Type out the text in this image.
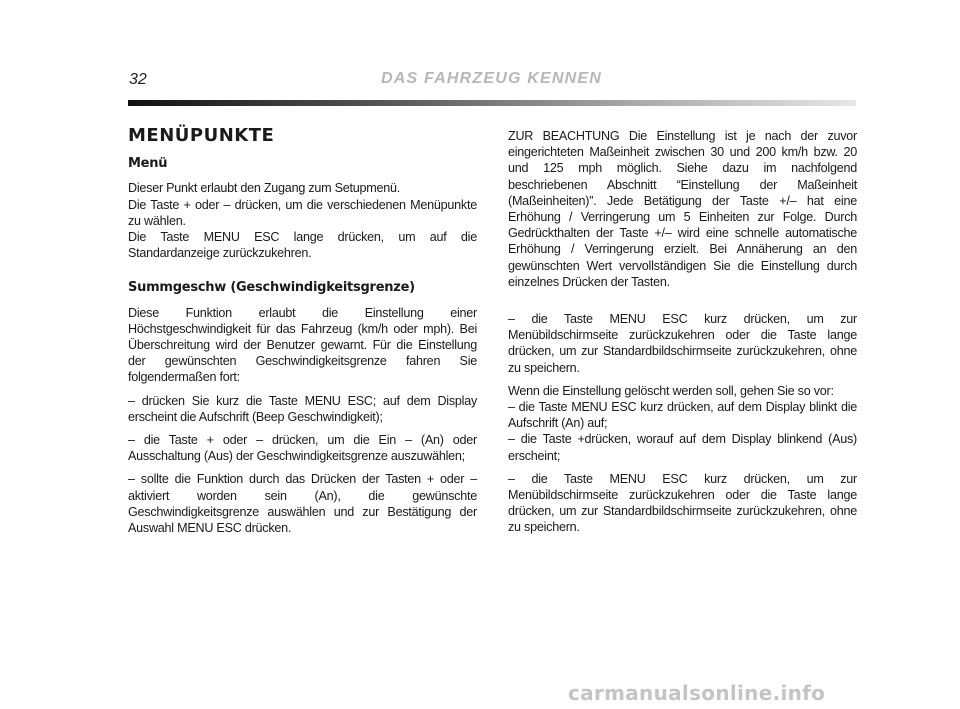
32	DAS FAHRZEUG KENNEN
MENÜPUNKTE
Menü

Dieser Punkt erlaubt den Zugang zum Setupmenü.

Die Taste + oder – drücken, um die verschiedenen Menüpunkte zu wählen.

Die Taste MENU ESC lange drücken, um auf die Standardanzeige zurückzukehren.

Summgeschw (Geschwindigkeitsgrenze)

Diese Funktion erlaubt die Einstellung einer Höchstgeschwindigkeit für das Fahrzeug (km/h oder mph). Bei Überschreitung wird der Benutzer gewarnt. Für die Einstellung der gewünschten Geschwindigkeitsgrenze fahren Sie folgendermaßen fort:

– drücken Sie kurz die Taste MENU ESC; auf dem Display erscheint die Aufschrift (Beep Geschwindigkeit);

– die Taste + oder – drücken, um die Ein – (An) oder Ausschaltung (Aus) der Geschwindigkeitsgrenze auszuwählen;

– sollte die Funktion durch das Drücken der Tasten + oder – aktiviert worden sein (An), die gewünschte Geschwindigkeitsgrenze auswählen und zur Bestätigung der Auswahl MENU ESC drücken.

ZUR BEACHTUNG Die Einstellung ist je nach der zuvor eingerichteten Maßeinheit zwischen 30 und 200 km/h bzw. 20 und 125 mph möglich. Siehe dazu im nachfolgend beschriebenen Abschnitt “Einstellung der Maßeinheit (Maßeinheiten)”. Jede Betätigung der Taste +/– hat eine Erhöhung / Verringerung um 5 Einheiten zur Folge. Durch Gedrückthalten der Taste +/– wird eine schnelle automatische Erhöhung / Verringerung erzielt. Bei Annäherung an den gewünschten Wert vervollständigen Sie die Einstellung durch einzelnes Drücken der Tasten.

– die Taste MENU ESC kurz drücken, um zur Menübildschirmseite zurückzukehren oder die Taste lange drücken, um zur Standardbildschirmseite zurückzukehren, ohne zu speichern.

Wenn die Einstellung gelöscht werden soll, gehen Sie so vor:

– die Taste MENU ESC kurz drücken, auf dem Display blinkt die Aufschrift (An) auf;

– die Taste +drücken, worauf auf dem Display blinkend (Aus) erscheint;

– die Taste MENU ESC kurz drücken, um zur Menübildschirmseite zurückzukehren oder die Taste lange drücken, um zur Standardbildschirmseite zurückzukehren, ohne zu speichern.

carmanualsonline.info
